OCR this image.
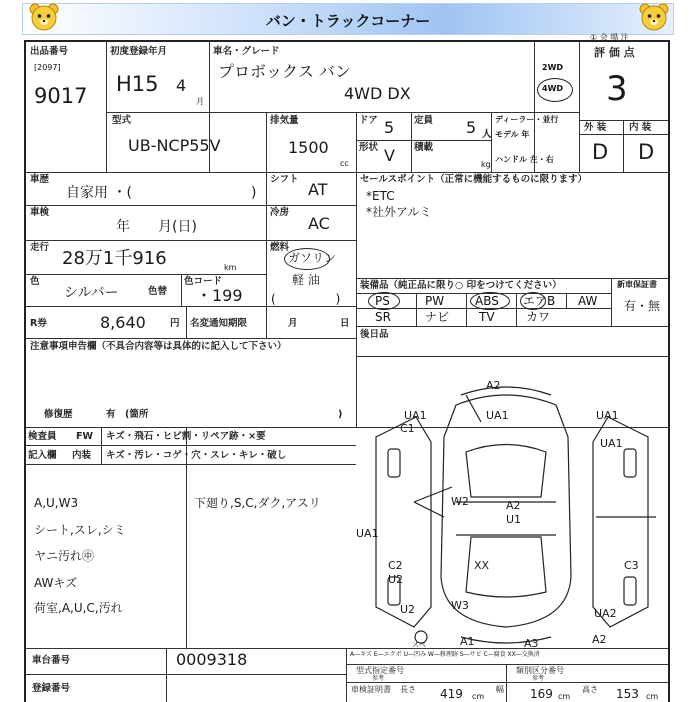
バン・トラックコーナー
① 会 場 注
出品番号
[2097]
9017
初度登録年月
H15 4
月
車名・グレード
プロボックス バン
4WD DX
2WD
4WD
評 価 点
3
外 装 内 装
D D
型式
UB-NCP55V
排気量
1500
cc
ドア 5 定員 5 人
形状 V 積載
kg
ディーラー・並行
モデル 年
ハンドル 左・右
車歴
自家用 ・(	)
車検
年　　月(日)
シフト
AT
冷房
AC
走行
28万1千916	km
燃料
ガソリン
軽 油
(　　　　　)
色
シルバー	色替
色コード
・199
R券	8,640	円 名変通知期限	月	日
注意事項申告欄（不具合内容等は具体的に記入して下さい）
修復歴	有　(箇所	)
セールスポイント（正常に機能するものに限ります）
*ETC
*社外アルミ
装備品（純正品に限り○ 印をつけてください）	新車保証書
有・無
PS	PW	ABS エアB AW
SR	ナビ TV	カワ
後日品
検査員
記入欄
FW
内装
キズ・飛石・ヒビ割・リペア跡・×要
キズ・汚レ・コゲ・穴・スレ・キレ・破し
A,U,W3
シート,スレ,シミ
ヤニ汚れ㊥
AWキズ
荷室,A,U,C,汚れ
下廻り,S,C,ダク,アスリ
車台番号	0009318
登録番号
A―キズ E―エクボ U―凹み W―修理跡 S―サビ C―腐食 XX―交換済
型式指定番号	類別区分番号
参考	参考
車検証明書 長さ 419 cm
幅 169 cm
高さ 153 cm
A2
UA1	UA1	UA1
C1
UA1
W2	A2
U1
UA1
C2
U2
XX	C3
W3
U2	UA2
A1	A3	A2
スペ
